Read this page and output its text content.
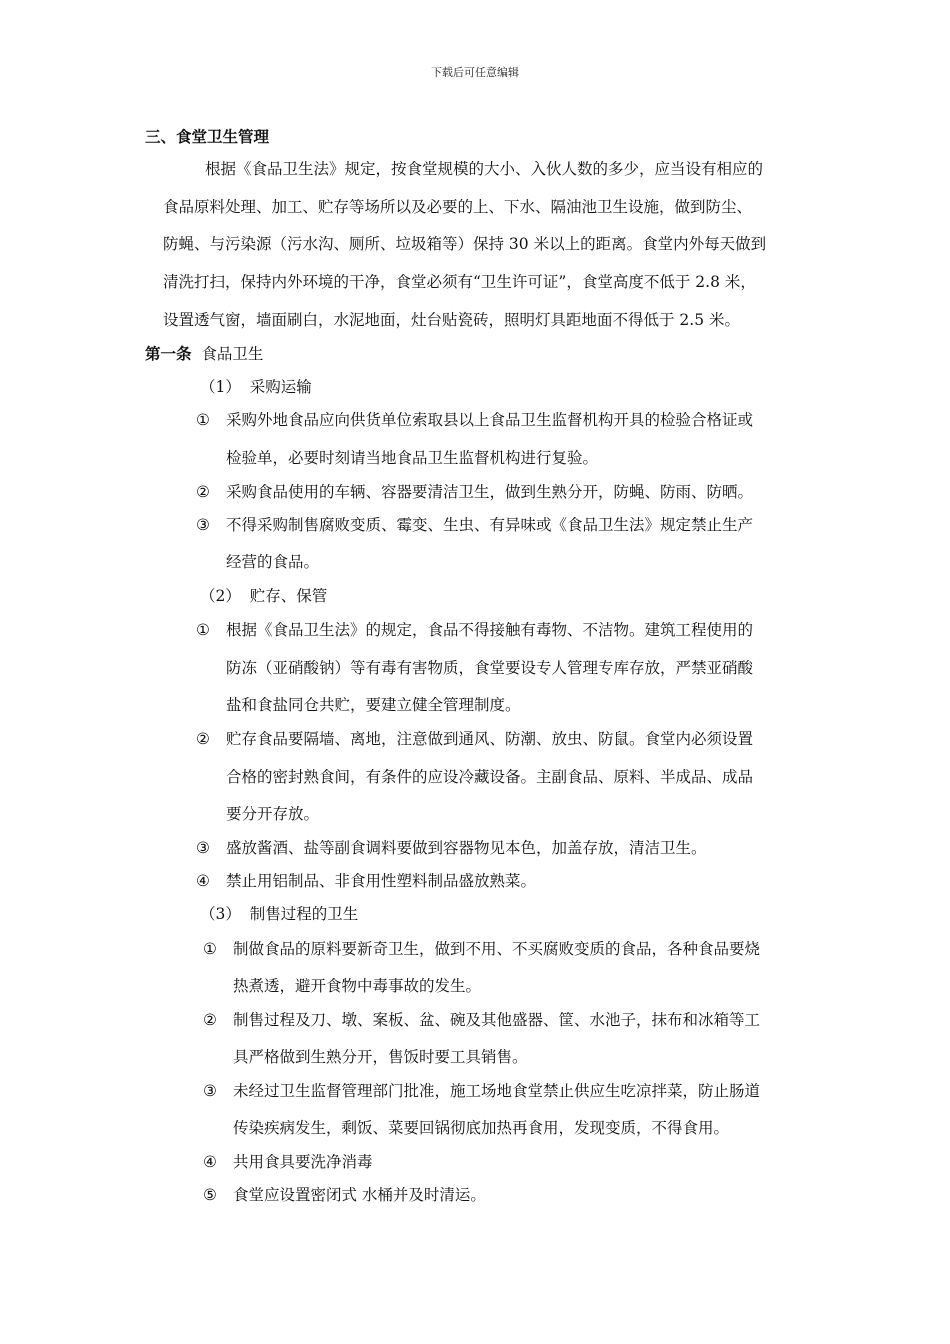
下载后可任意编辑
三、食堂卫生管理
根据《食品卫生法》规定，按食堂规模的大小、入伙人数的多少，应当设有相应的
食品原料处理、加工、贮存等场所以及必要的上、下水、隔油池卫生设施，做到防尘、
防蝇、与污染源（污水沟、厕所、垃圾箱等）保持 30 米以上的距离。食堂内外每天做到
清洗打扫，保持内外环境的干净，食堂必须有“卫生许可证”，食堂高度不低于 2.8 米，
设置透气窗，墙面刷白，水泥地面，灶台贴瓷砖，照明灯具距地面不得低于 2.5 米。
第一条 食品卫生
（1） 采购运输
① 采购外地食品应向供货单位索取县以上食品卫生监督机构开具的检验合格证或
检验单，必要时刻请当地食品卫生监督机构进行复验。
② 采购食品使用的车辆、容器要清洁卫生，做到生熟分开，防蝇、防雨、防晒。
③ 不得采购制售腐败变质、霉变、生虫、有异味或《食品卫生法》规定禁止生产
经营的食品。
（2） 贮存、保管
① 根据《食品卫生法》的规定，食品不得接触有毒物、不洁物。建筑工程使用的
防冻（亚硝酸钠）等有毒有害物质，食堂要设专人管理专库存放，严禁亚硝酸
盐和食盐同仓共贮，要建立健全管理制度。
② 贮存食品要隔墙、离地，注意做到通风、防潮、放虫、防鼠。食堂内必须设置
合格的密封熟食间，有条件的应设冷藏设备。主副食品、原料、半成品、成品
要分开存放。
③ 盛放酱酒、盐等副食调料要做到容器物见本色，加盖存放，清洁卫生。
④ 禁止用铝制品、非食用性塑料制品盛放熟菜。
（3） 制售过程的卫生
① 制做食品的原料要新奇卫生，做到不用、不买腐败变质的食品，各种食品要烧
热煮透，避开食物中毒事故的发生。
② 制售过程及刀、墩、案板、盆、碗及其他盛器、筐、水池子，抹布和冰箱等工
具严格做到生熟分开，售饭时要工具销售。
③ 未经过卫生监督管理部门批准，施工场地食堂禁止供应生吃凉拌菜，防止肠道
传染疾病发生，剩饭、菜要回锅彻底加热再食用，发现变质，不得食用。
④ 共用食具要洗净消毒
⑤ 食堂应设置密闭式 水桶并及时清运。
